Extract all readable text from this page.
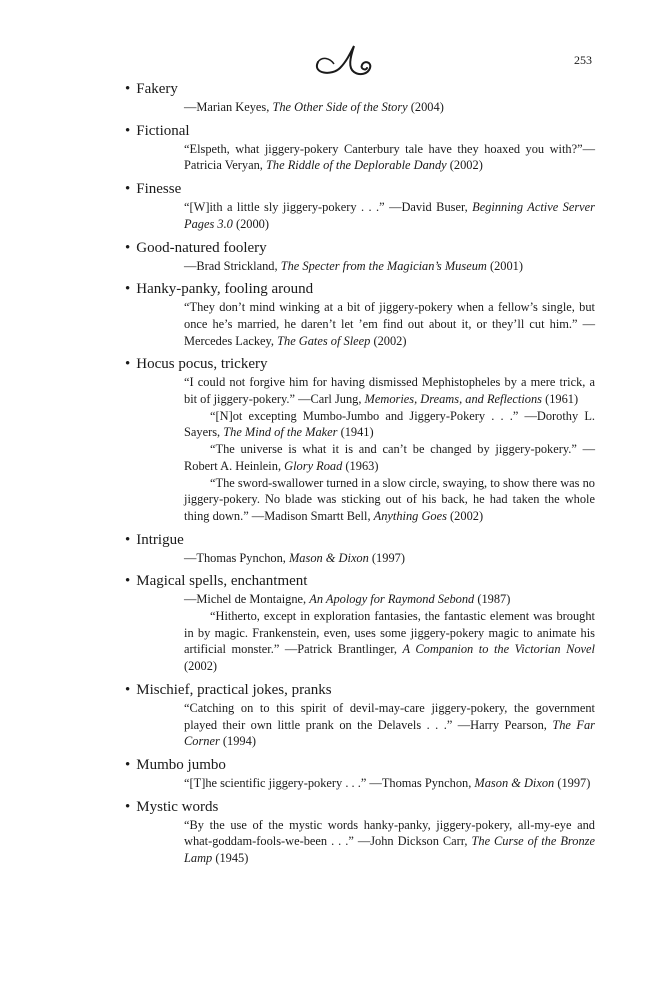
253

• Fakery

—Marian Keyes, The Other Side of the Story (2004)

• Fictional

“Elspeth, what jiggery-pokery Canterbury tale have they hoaxed you with?”—Patricia Veryan, The Riddle of the Deplorable Dandy (2002)

• Finesse

“[W]ith a little sly jiggery-pokery . . .” —David Buser, Beginning Active Server Pages 3.0 (2000)

• Good-natured foolery

—Brad Strickland, The Specter from the Magician’s Museum (2001)

• Hanky-panky, fooling around

“They don’t mind winking at a bit of jiggery-pokery when a fellow’s single, but once he’s married, he daren’t let ’em find out about it, or they’ll cut him.” —Mercedes Lackey, The Gates of Sleep (2002)

• Hocus pocus, trickery

“I could not forgive him for having dismissed Mephistopheles by a mere trick, a bit of jiggery-pokery.” —Carl Jung, Memories, Dreams, and Reflections (1961)

“[N]ot excepting Mumbo-Jumbo and Jiggery-Pokery . . .” —Dorothy L. Sayers, The Mind of the Maker (1941)

“The universe is what it is and can’t be changed by jiggery-pokery.” —Robert A. Heinlein, Glory Road (1963)

“The sword-swallower turned in a slow circle, swaying, to show there was no jiggery-pokery. No blade was sticking out of his back, he had taken the whole thing down.” —Madison Smartt Bell, Anything Goes (2002)

• Intrigue

—Thomas Pynchon, Mason & Dixon (1997)

• Magical spells, enchantment

—Michel de Montaigne, An Apology for Raymond Sebond (1987)

“Hitherto, except in exploration fantasies, the fantastic element was brought in by magic. Frankenstein, even, uses some jiggery-pokery magic to animate his artificial monster.” —Patrick Brantlinger, A Companion to the Victorian Novel (2002)

• Mischief, practical jokes, pranks

“Catching on to this spirit of devil-may-care jiggery-pokery, the government played their own little prank on the Delavels . . .” —Harry Pearson, The Far Corner (1994)

• Mumbo jumbo

“[T]he scientific jiggery-pokery . . .” —Thomas Pynchon, Mason & Dixon (1997)

• Mystic words

“By the use of the mystic words hanky-panky, jiggery-pokery, all-my-eye and what-goddam-fools-we-been . . .” —John Dickson Carr, The Curse of the Bronze Lamp (1945)
